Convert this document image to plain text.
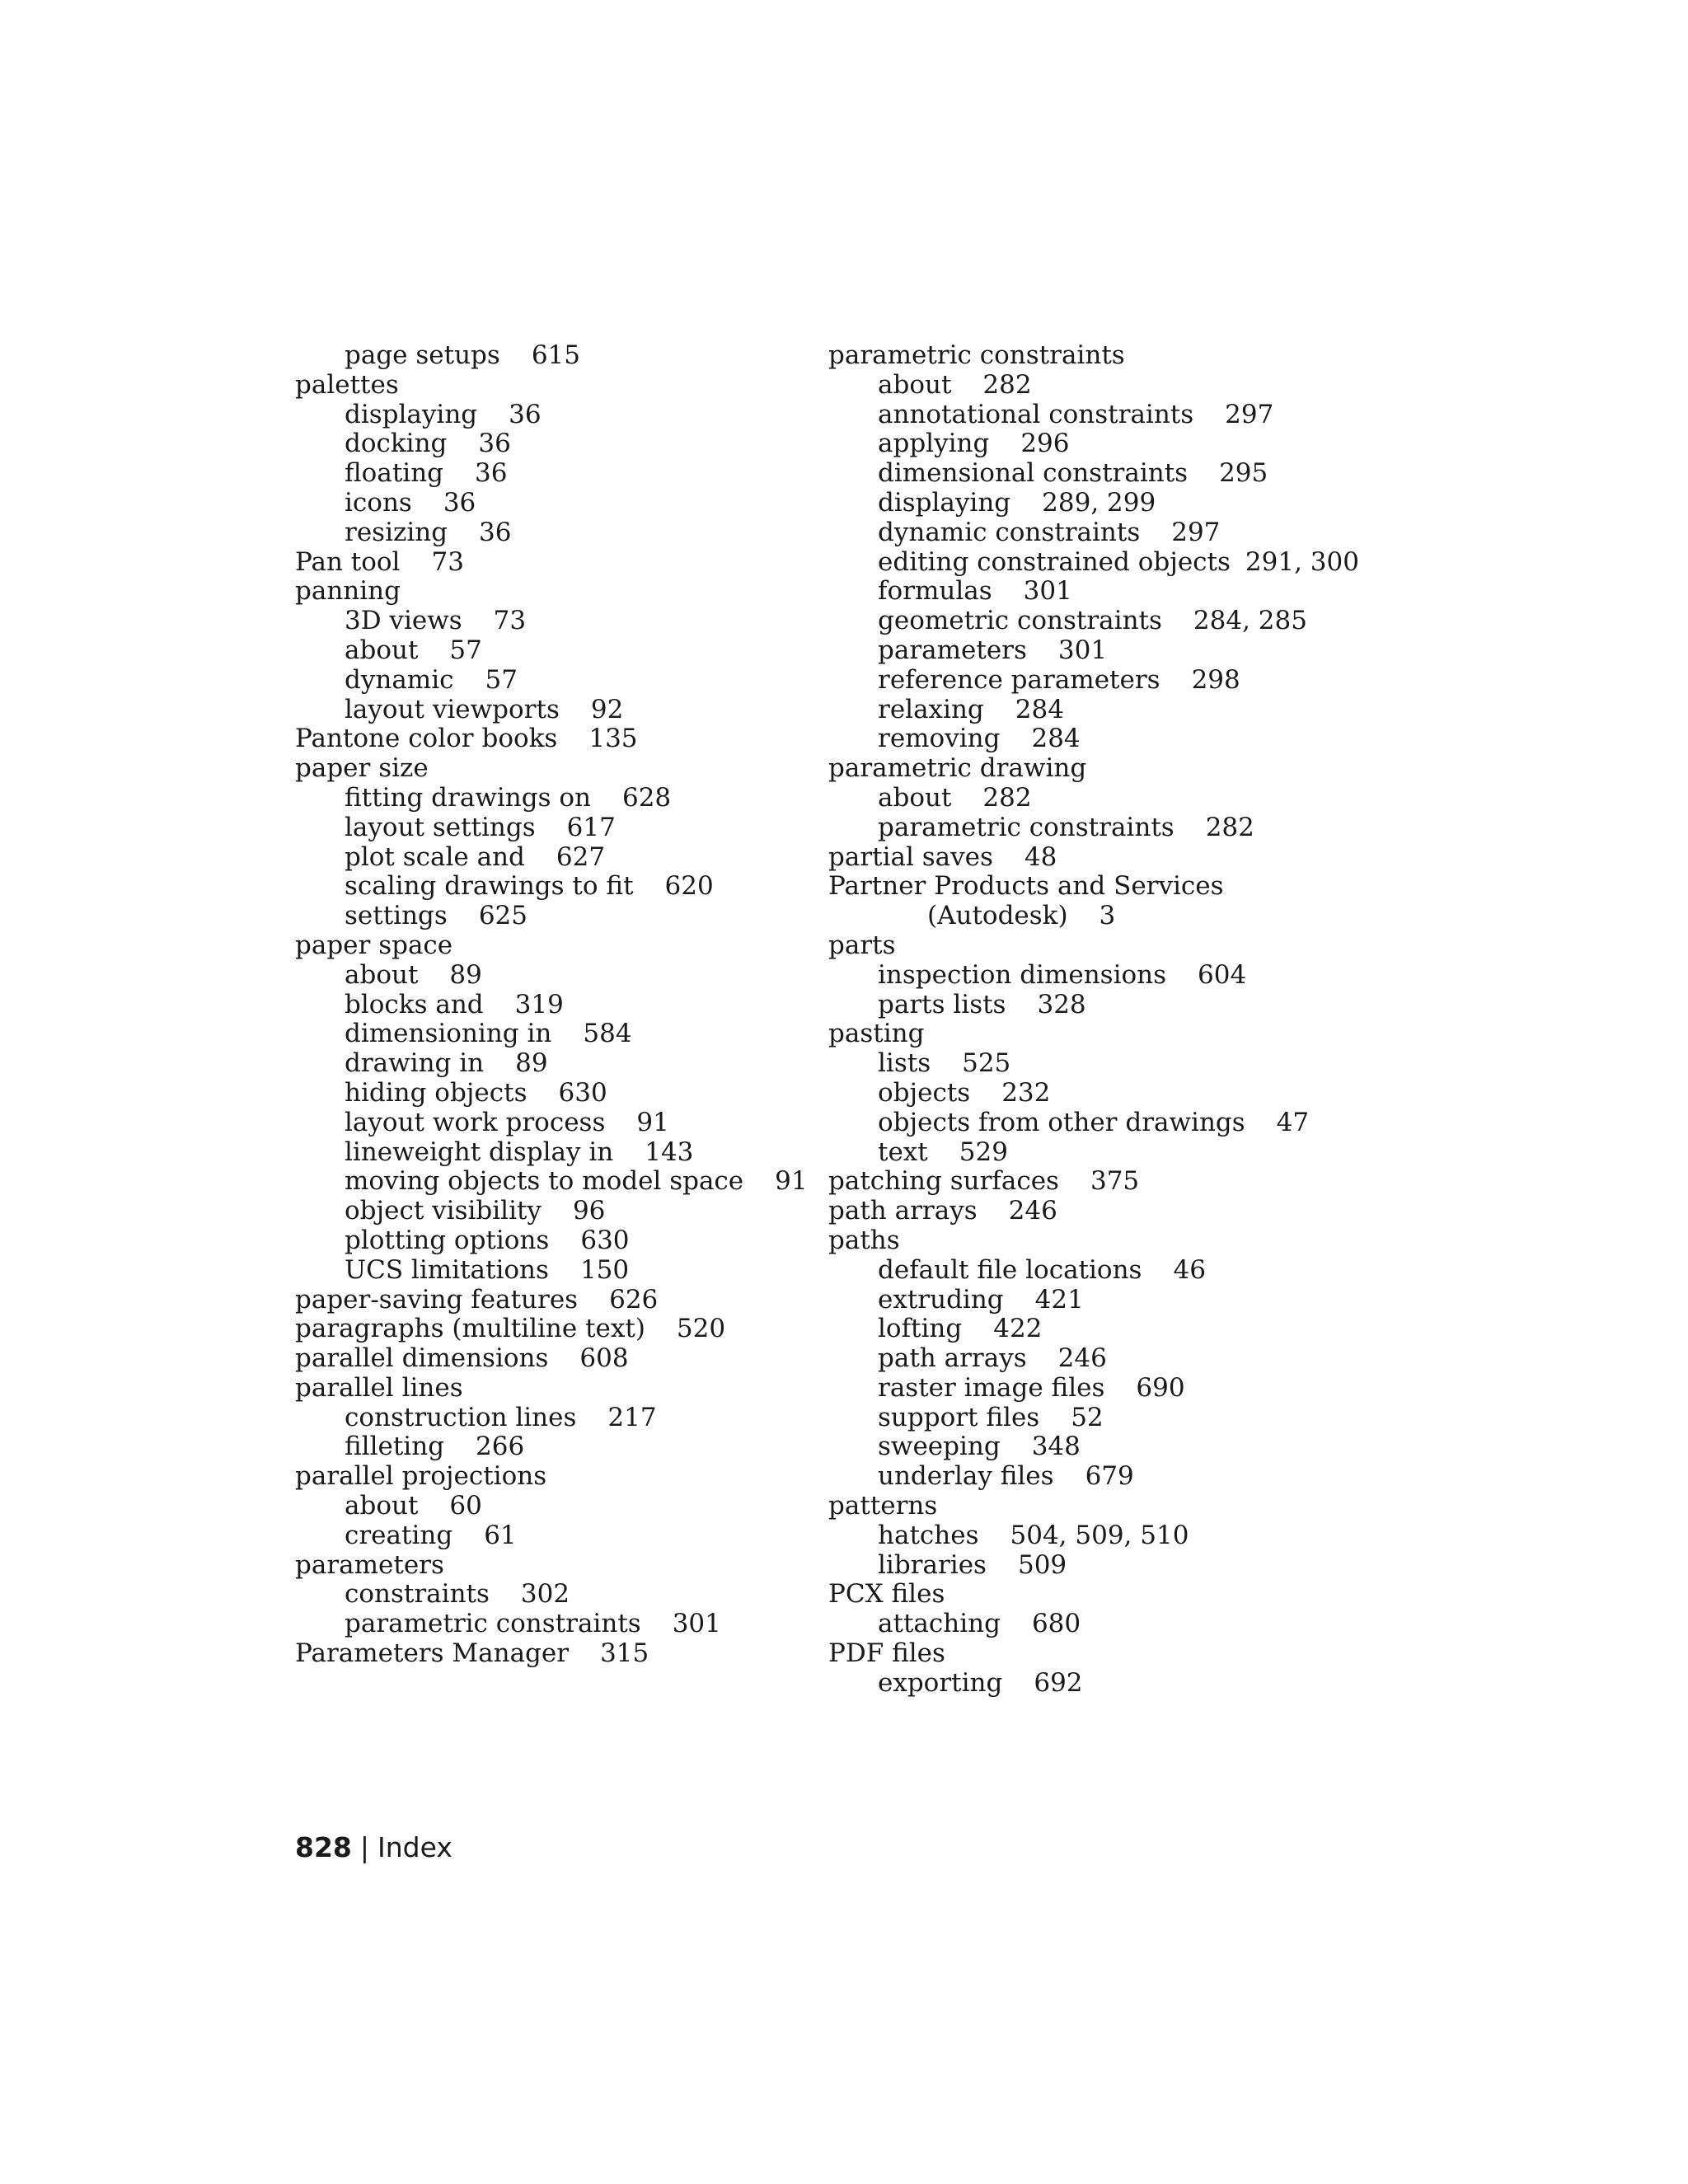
page setups 615
palettes
displaying 36
docking 36
floating 36
icons 36
resizing 36
Pan tool 73
panning
3D views 73
about 57
dynamic 57
layout viewports 92
Pantone color books 135
paper size
fitting drawings on 628
layout settings 617
plot scale and 627
scaling drawings to fit 620
settings 625
paper space
about 89
blocks and 319
dimensioning in 584
drawing in 89
hiding objects 630
layout work process 91
lineweight display in 143
moving objects to model space 91
object visibility 96
plotting options 630
UCS limitations 150
paper-saving features 626
paragraphs (multiline text) 520
parallel dimensions 608
parallel lines
construction lines 217
filleting 266
parallel projections
about 60
creating 61
parameters
constraints 302
parametric constraints 301
Parameters Manager 315
parametric constraints
about 282
annotational constraints 297
applying 296
dimensional constraints 295
displaying 289, 299
dynamic constraints 297
editing constrained objects 291, 300
formulas 301
geometric constraints 284, 285
parameters 301
reference parameters 298
relaxing 284
removing 284
parametric drawing
about 282
parametric constraints 282
partial saves 48
Partner Products and Services
(Autodesk) 3
parts
inspection dimensions 604
parts lists 328
pasting
lists 525
objects 232
objects from other drawings 47
text 529
patching surfaces 375
path arrays 246
paths
default file locations 46
extruding 421
lofting 422
path arrays 246
raster image files 690
support files 52
sweeping 348
underlay files 679
patterns
hatches 504, 509, 510
libraries 509
PCX files
attaching 680
PDF files
exporting 692
828 | Index
